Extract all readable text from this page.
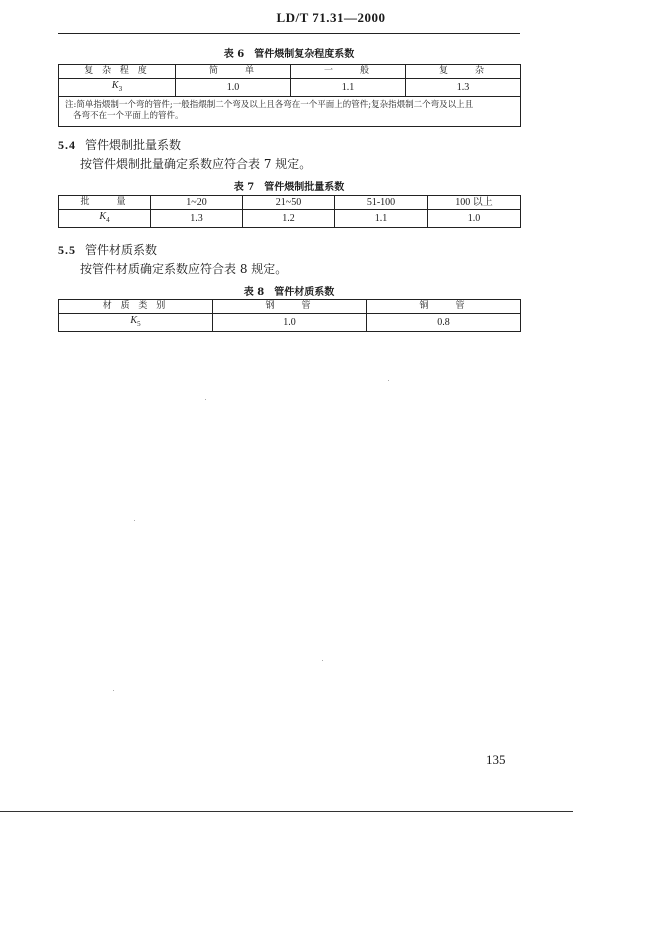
LD/T 71.31—2000
表 6　管件煨制复杂程度系数
复 杂 程 度	简　　单	一　　般	复　　杂
$K_3$	1.0	1.1	1.3

注:简单指煨制一个弯的管件;一般指煨制二个弯及以上且各弯在一个平面上的管件;复杂指煨制二个弯及以上且
各弯不在一个平面上的管件。			
5.4 管件煨制批量系数
按管件煨制批量确定系数应符合表 7 规定。
表 7　管件煨制批量系数
批　　量	1~20	21~50	51-100	100 以上
$K_4$	1.3	1.2	1.1	1.0
5.5 管件材质系数
按管件材质确定系数应符合表 8 规定。
表 8　管件材质系数
材 质 类 别	钢　　管	铜　　管
$K_5$	1.0	0.8
135
